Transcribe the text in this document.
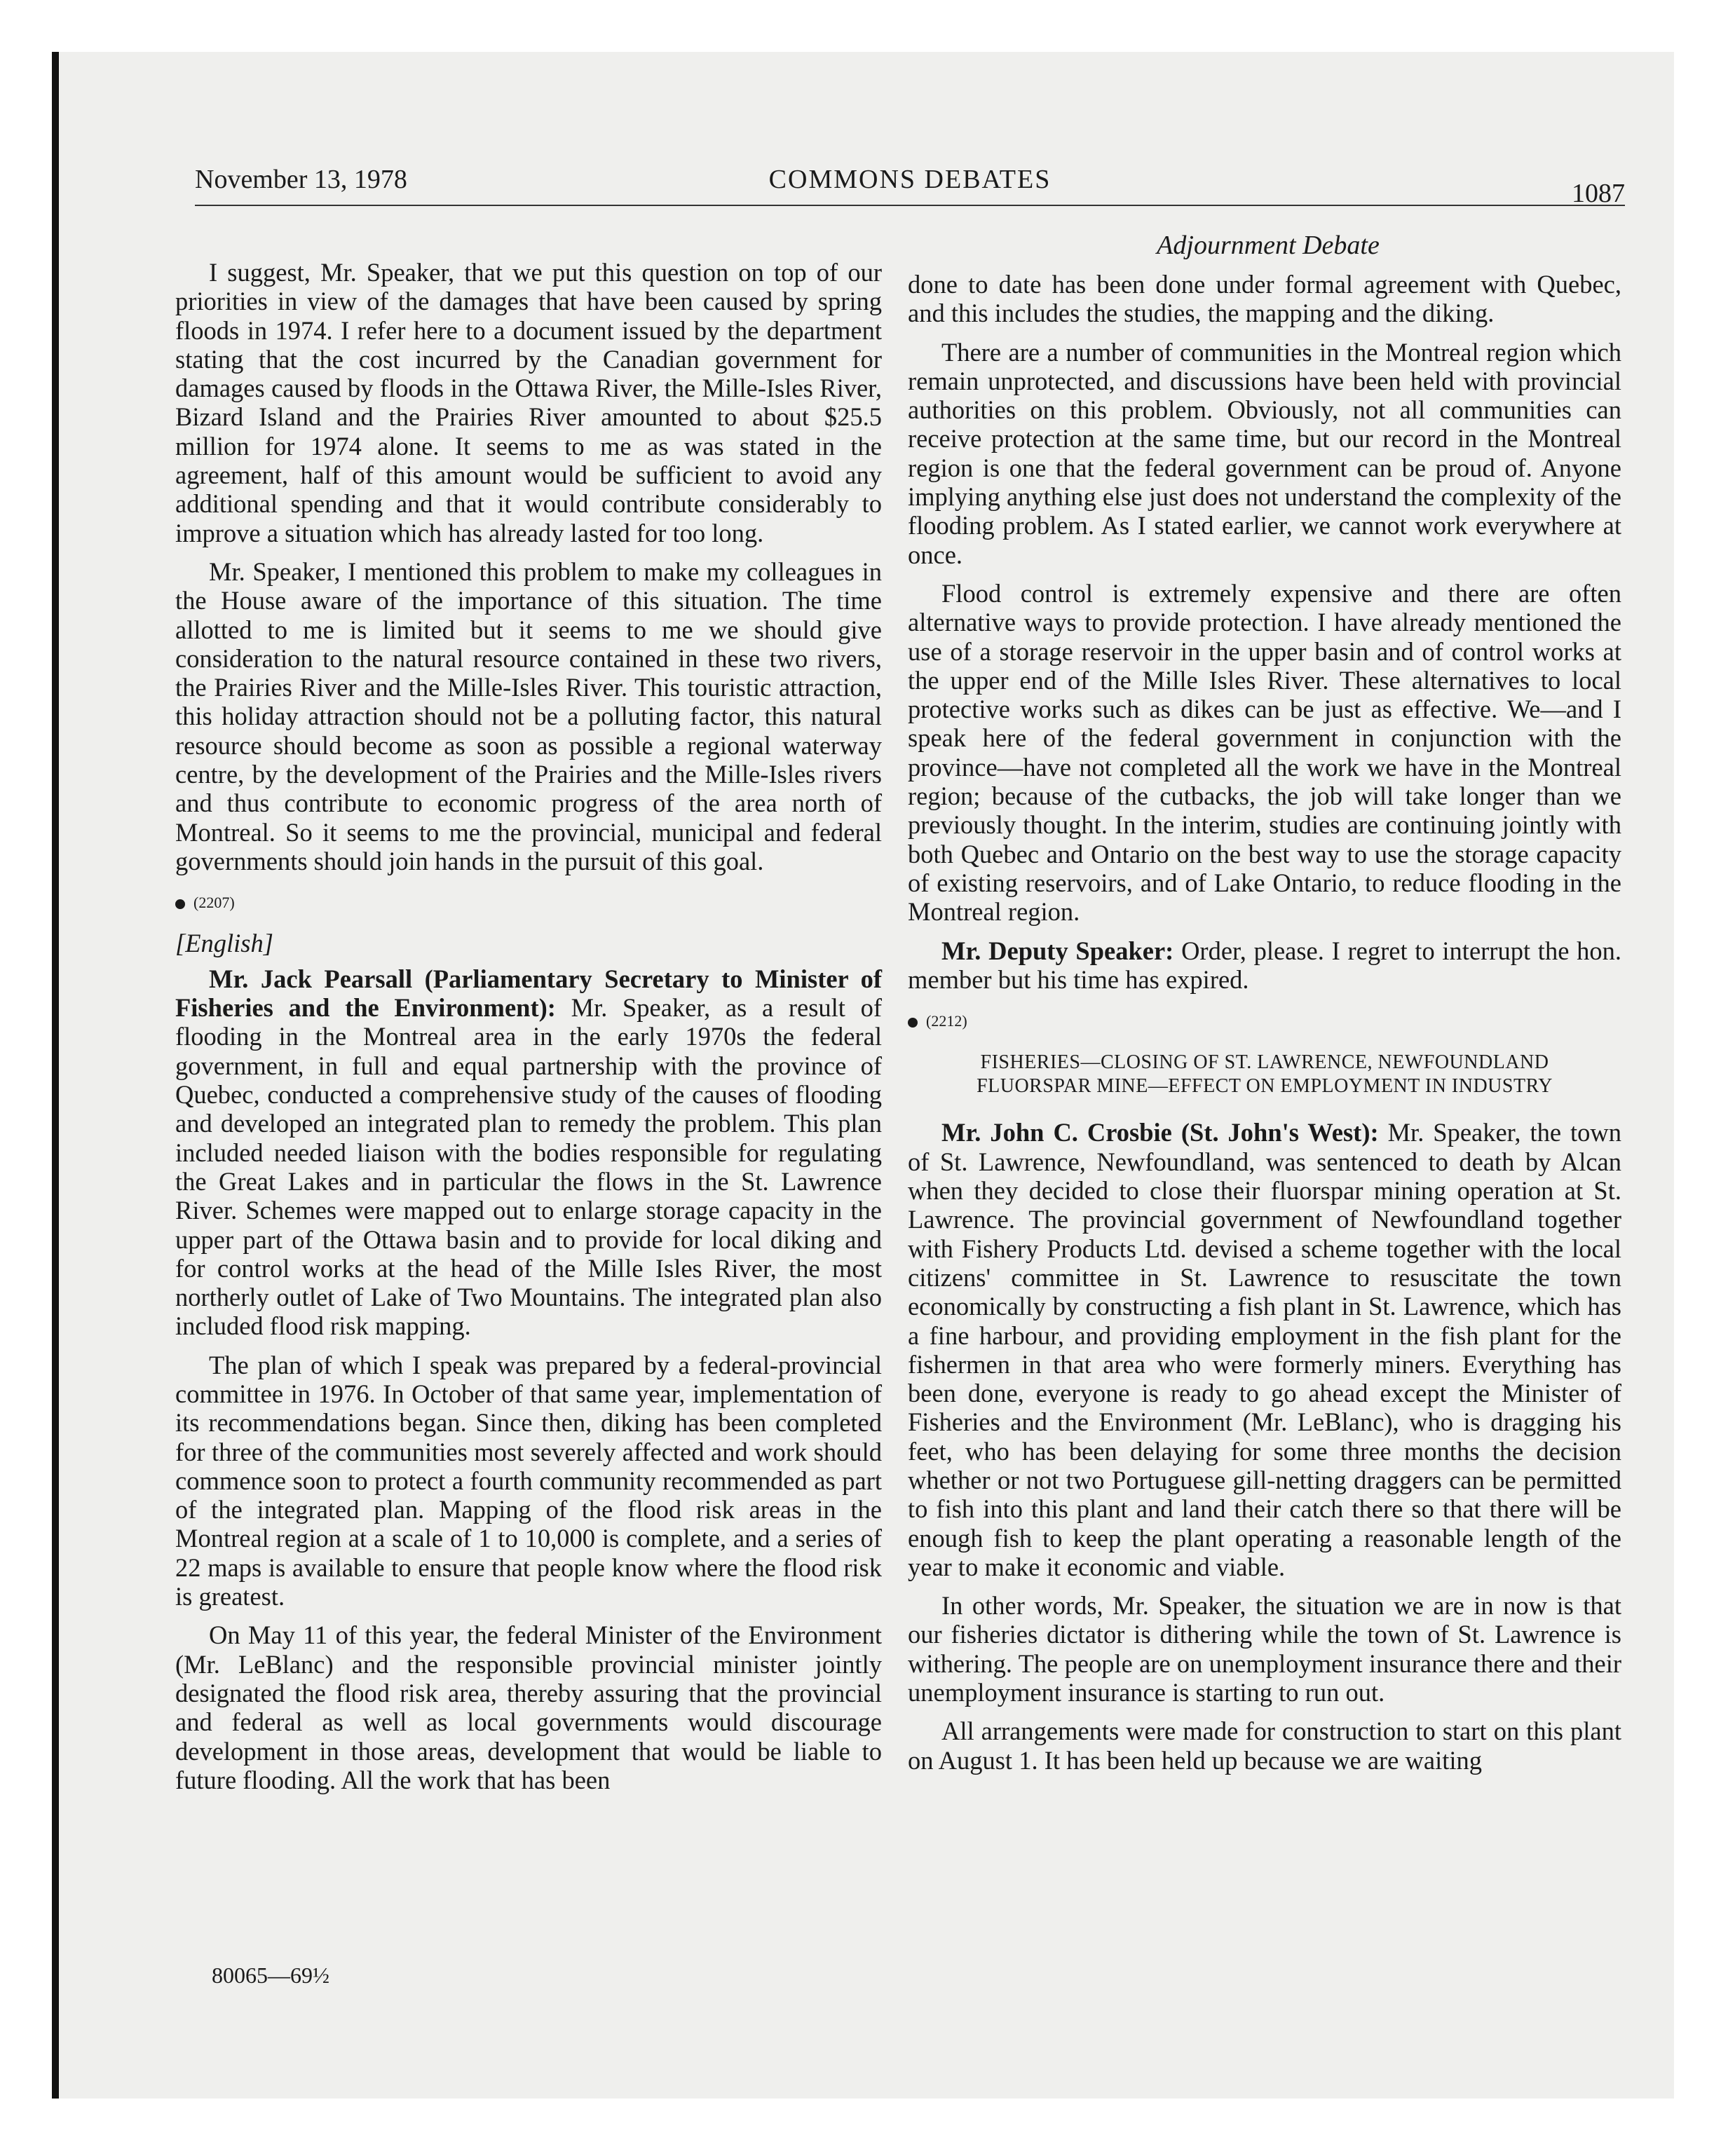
November 13, 1978	COMMONS DEBATES	1087
Adjournment Debate

I suggest, Mr. Speaker, that we put this question on top of our priorities in view of the damages that have been caused by spring floods in 1974. I refer here to a document issued by the department stating that the cost incurred by the Canadian government for damages caused by floods in the Ottawa River, the Mille-Isles River, Bizard Island and the Prairies River amounted to about $25.5 million for 1974 alone. It seems to me as was stated in the agreement, half of this amount would be sufficient to avoid any additional spending and that it would contribute considerably to improve a situation which has already lasted for too long.

Mr. Speaker, I mentioned this problem to make my colleagues in the House aware of the importance of this situation. The time allotted to me is limited but it seems to me we should give consideration to the natural resource contained in these two rivers, the Prairies River and the Mille-Isles River. This touristic attraction, this holiday attraction should not be a polluting factor, this natural resource should become as soon as possible a regional waterway centre, by the development of the Prairies and the Mille-Isles rivers and thus contribute to economic progress of the area north of Montreal. So it seems to me the provincial, municipal and federal governments should join hands in the pursuit of this goal.

(2207)
[English]

Mr. Jack Pearsall (Parliamentary Secretary to Minister of Fisheries and the Environment): Mr. Speaker, as a result of flooding in the Montreal area in the early 1970s the federal government, in full and equal partnership with the province of Quebec, conducted a comprehensive study of the causes of flooding and developed an integrated plan to remedy the problem. This plan included needed liaison with the bodies responsible for regulating the Great Lakes and in particular the flows in the St. Lawrence River. Schemes were mapped out to enlarge storage capacity in the upper part of the Ottawa basin and to provide for local diking and for control works at the head of the Mille Isles River, the most northerly outlet of Lake of Two Mountains. The integrated plan also included flood risk mapping.

The plan of which I speak was prepared by a federal-provincial committee in 1976. In October of that same year, implementation of its recommendations began. Since then, diking has been completed for three of the communities most severely affected and work should commence soon to protect a fourth community recommended as part of the integrated plan. Mapping of the flood risk areas in the Montreal region at a scale of 1 to 10,000 is complete, and a series of 22 maps is available to ensure that people know where the flood risk is greatest.

On May 11 of this year, the federal Minister of the Environment (Mr. LeBlanc) and the responsible provincial minister jointly designated the flood risk area, thereby assuring that the provincial and federal as well as local governments would discourage development in those areas, development that would be liable to future flooding. All the work that has been

done to date has been done under formal agreement with Quebec, and this includes the studies, the mapping and the diking.

There are a number of communities in the Montreal region which remain unprotected, and discussions have been held with provincial authorities on this problem. Obviously, not all communities can receive protection at the same time, but our record in the Montreal region is one that the federal government can be proud of. Anyone implying anything else just does not understand the complexity of the flooding problem. As I stated earlier, we cannot work everywhere at once.

Flood control is extremely expensive and there are often alternative ways to provide protection. I have already mentioned the use of a storage reservoir in the upper basin and of control works at the upper end of the Mille Isles River. These alternatives to local protective works such as dikes can be just as effective. We—and I speak here of the federal government in conjunction with the province—have not completed all the work we have in the Montreal region; because of the cutbacks, the job will take longer than we previously thought. In the interim, studies are continuing jointly with both Quebec and Ontario on the best way to use the storage capacity of existing reservoirs, and of Lake Ontario, to reduce flooding in the Montreal region.

Mr. Deputy Speaker: Order, please. I regret to interrupt the hon. member but his time has expired.

(2212)
FISHERIES—CLOSING OF ST. LAWRENCE, NEWFOUNDLAND
FLUORSPAR MINE—EFFECT ON EMPLOYMENT IN INDUSTRY

Mr. John C. Crosbie (St. John's West): Mr. Speaker, the town of St. Lawrence, Newfoundland, was sentenced to death by Alcan when they decided to close their fluorspar mining operation at St. Lawrence. The provincial government of Newfoundland together with Fishery Products Ltd. devised a scheme together with the local citizens' committee in St. Lawrence to resuscitate the town economically by constructing a fish plant in St. Lawrence, which has a fine harbour, and providing employment in the fish plant for the fishermen in that area who were formerly miners. Everything has been done, everyone is ready to go ahead except the Minister of Fisheries and the Environment (Mr. LeBlanc), who is dragging his feet, who has been delaying for some three months the decision whether or not two Portuguese gill-netting draggers can be permitted to fish into this plant and land their catch there so that there will be enough fish to keep the plant operating a reasonable length of the year to make it economic and viable.

In other words, Mr. Speaker, the situation we are in now is that our fisheries dictator is dithering while the town of St. Lawrence is withering. The people are on unemployment insurance there and their unemployment insurance is starting to run out.

All arrangements were made for construction to start on this plant on August 1. It has been held up because we are waiting

80065—69½
